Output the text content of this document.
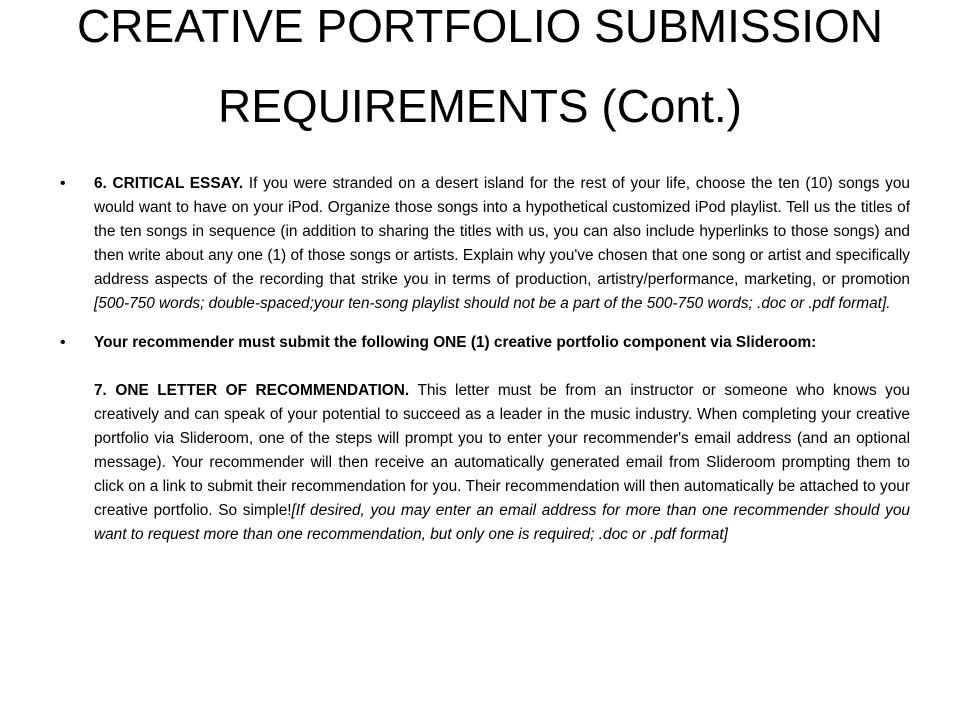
CREATIVE PORTFOLIO SUBMISSION
REQUIREMENTS (Cont.)
• 6. CRITICAL ESSAY. If you were stranded on a desert island for the rest of your life, choose the ten (10) songs you would want to have on your iPod. Organize those songs into a hypothetical customized iPod playlist. Tell us the titles of the ten songs in sequence (in addition to sharing the titles with us, you can also include hyperlinks to those songs) and then write about any one (1) of those songs or artists. Explain why you've chosen that one song or artist and specifically address aspects of the recording that strike you in terms of production, artistry/performance, marketing, or promotion [500-750 words; double-spaced;your ten-song playlist should not be a part of the 500-750 words; .doc or .pdf format].
• Your recommender must submit the following ONE (1) creative portfolio component via Slideroom:
7. ONE LETTER OF RECOMMENDATION. This letter must be from an instructor or someone who knows you creatively and can speak of your potential to succeed as a leader in the music industry. When completing your creative portfolio via Slideroom, one of the steps will prompt you to enter your recommender's email address (and an optional message). Your recommender will then receive an automatically generated email from Slideroom prompting them to click on a link to submit their recommendation for you. Their recommendation will then automatically be attached to your creative portfolio. So simple![If desired, you may enter an email address for more than one recommender should you want to request more than one recommendation, but only one is required; .doc or .pdf format]
